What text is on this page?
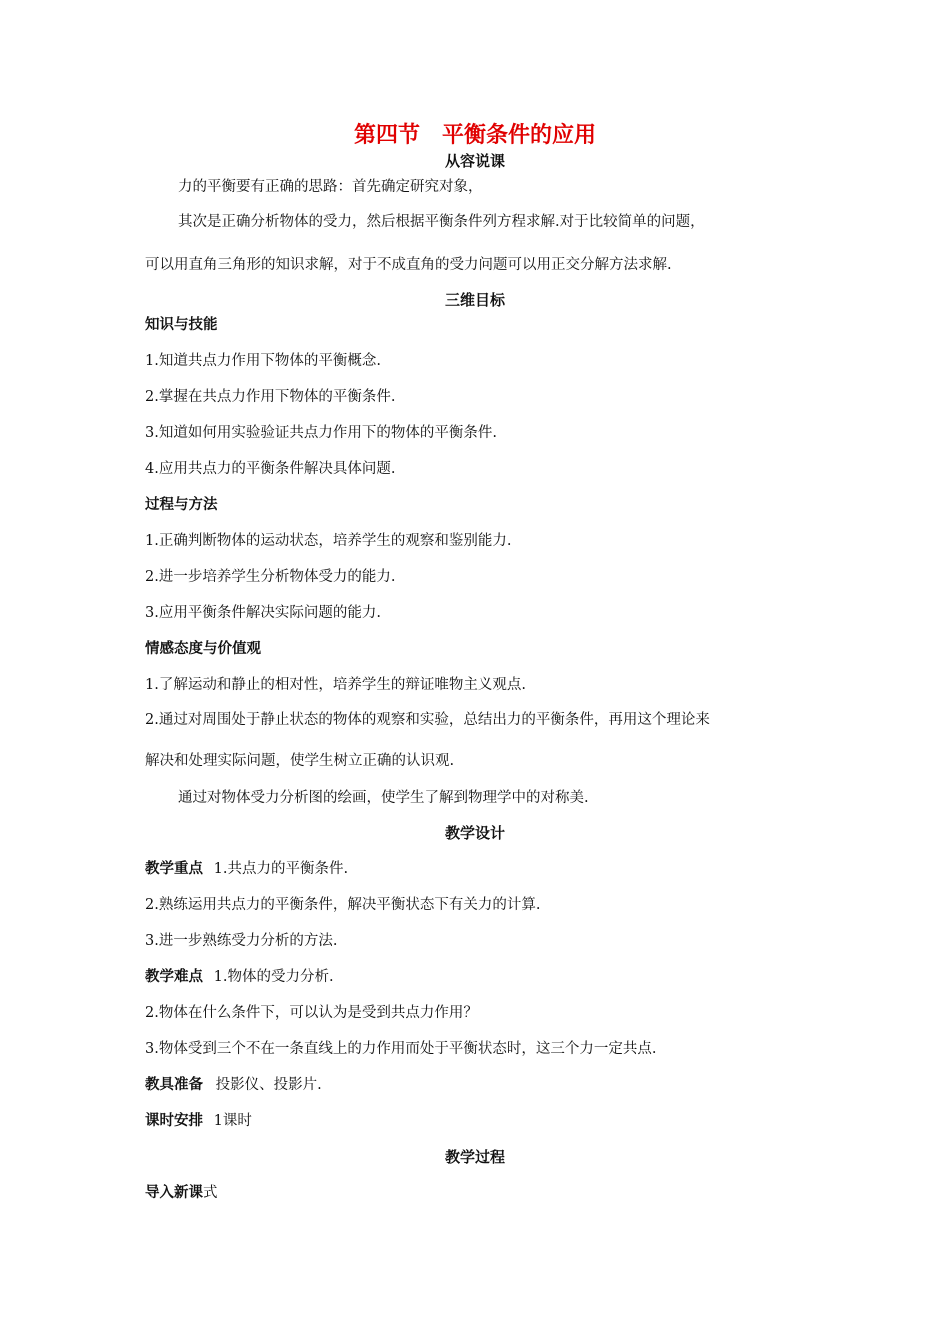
第四节　平衡条件的应用
从容说课
力的平衡要有正确的思路：首先确定研究对象，
其次是正确分析物体的受力，然后根据平衡条件列方程求解.对于比较简单的问题，
可以用直角三角形的知识求解，对于不成直角的受力问题可以用正交分解方法求解.
三维目标
知识与技能
1.知道共点力作用下物体的平衡概念.
2.掌握在共点力作用下物体的平衡条件.
3.知道如何用实验验证共点力作用下的物体的平衡条件.
4.应用共点力的平衡条件解决具体问题.
过程与方法
1.正确判断物体的运动状态，培养学生的观察和鉴别能力.
2.进一步培养学生分析物体受力的能力.
3.应用平衡条件解决实际问题的能力.
情感态度与价值观
1.了解运动和静止的相对性，培养学生的辩证唯物主义观点.
2.通过对周围处于静止状态的物体的观察和实验，总结出力的平衡条件，再用这个理论来
解决和处理实际问题，使学生树立正确的认识观.
通过对物体受力分析图的绘画，使学生了解到物理学中的对称美.
教学设计
教学重点 1.共点力的平衡条件.
2.熟练运用共点力的平衡条件，解决平衡状态下有关力的计算.
3.进一步熟练受力分析的方法.
教学难点 1.物体的受力分析.
2.物体在什么条件下，可以认为是受到共点力作用？
3.物体受到三个不在一条直线上的力作用而处于平衡状态时，这三个力一定共点.
教具准备 投影仪、投影片.
课时安排 1课时
教学过程
导入新课式
